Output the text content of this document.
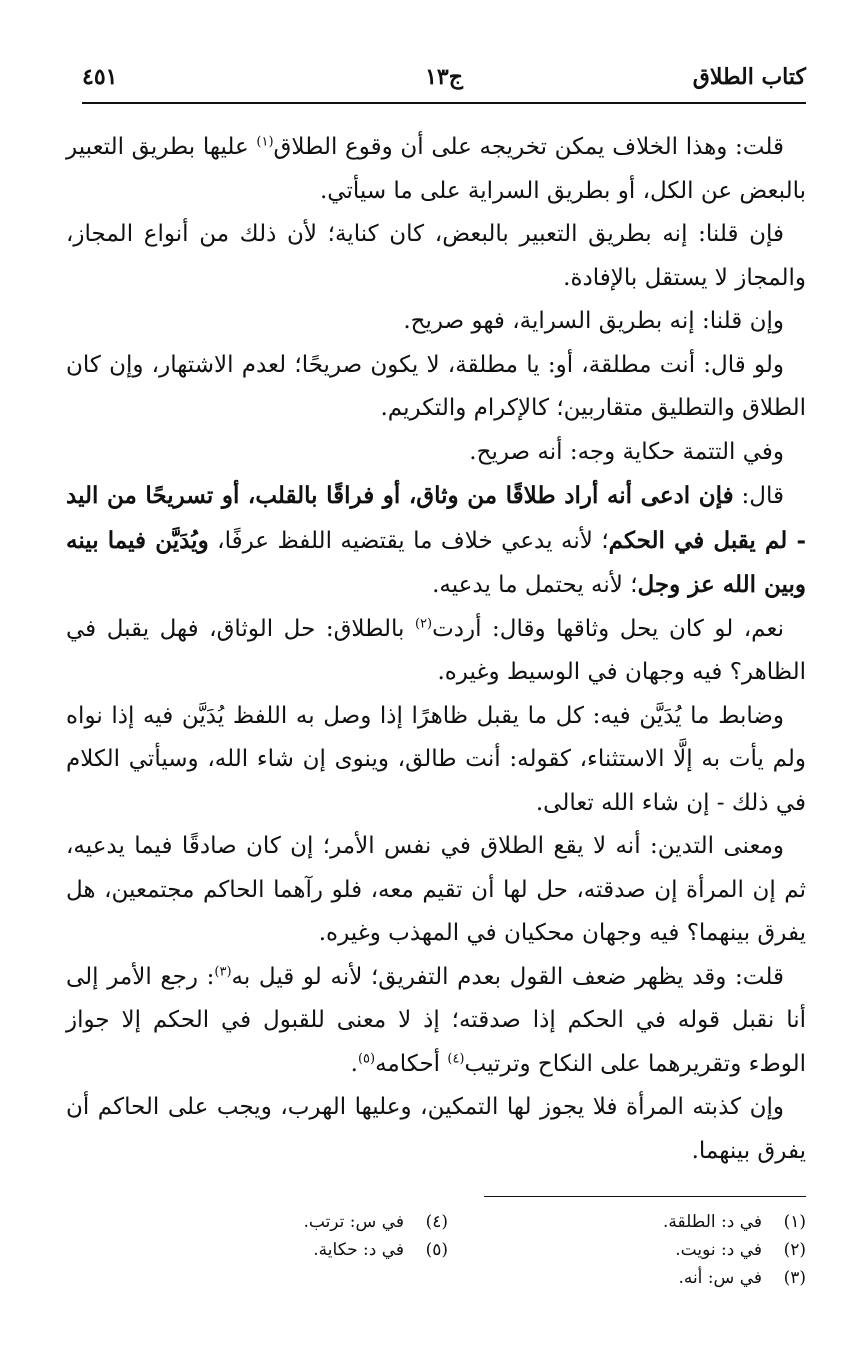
كتاب الطلاق
ج١٣
٤٥١

قلت: وهذا الخلاف يمكن تخريجه على أن وقوع الطلاق$^{(١)}$ عليها بطريق التعبير بالبعض عن الكل، أو بطريق السراية على ما سيأتي.

فإن قلنا: إنه بطريق التعبير بالبعض، كان كناية؛ لأن ذلك من أنواع المجاز، والمجاز لا يستقل بالإفادة.

وإن قلنا: إنه بطريق السراية، فهو صريح.

ولو قال: أنت مطلقة، أو: يا مطلقة، لا يكون صريحًا؛ لعدم الاشتهار، وإن كان الطلاق والتطليق متقاربين؛ كالإكرام والتكريم.

وفي التتمة حكاية وجه: أنه صريح.

قال: فإن ادعى أنه أراد طلاقًا من وثاق، أو فراقًا بالقلب، أو تسريحًا من اليد - لم يقبل في الحكم؛ لأنه يدعي خلاف ما يقتضيه اللفظ عرفًا، ويُدَيَّن فيما بينه وبين الله عز وجل؛ لأنه يحتمل ما يدعيه.

نعم، لو كان يحل وثاقها وقال: أردت$^{(٢)}$ بالطلاق: حل الوثاق، فهل يقبل في الظاهر؟ فيه وجهان في الوسيط وغيره.

وضابط ما يُدَيَّن فيه: كل ما يقبل ظاهرًا إذا وصل به اللفظ يُدَيَّن فيه إذا نواه ولم يأت به إلَّا الاستثناء، كقوله: أنت طالق، وينوى إن شاء الله، وسيأتي الكلام في ذلك - إن شاء الله تعالى.

ومعنى التدين: أنه لا يقع الطلاق في نفس الأمر؛ إن كان صادقًا فيما يدعيه، ثم إن المرأة إن صدقته، حل لها أن تقيم معه، فلو رآهما الحاكم مجتمعين، هل يفرق بينهما؟ فيه وجهان محكيان في المهذب وغيره.

قلت: وقد يظهر ضعف القول بعدم التفريق؛ لأنه لو قيل به$^{(٣)}$: رجع الأمر إلى أنا نقبل قوله في الحكم إذا صدقته؛ إذ لا معنى للقبول في الحكم إلا جواز الوطء وتقريرهما على النكاح وترتيب$^{(٤)}$ أحكامه$^{(٥)}$.

وإن كذبته المرأة فلا يجوز لها التمكين، وعليها الهرب، ويجب على الحاكم أن يفرق بينهما.

(١)في د: الطلقة.
(٢)في د: نويت.
(٣)في س: أنه.
(٤)في س: ترتب.
(٥)في د: حكاية.
